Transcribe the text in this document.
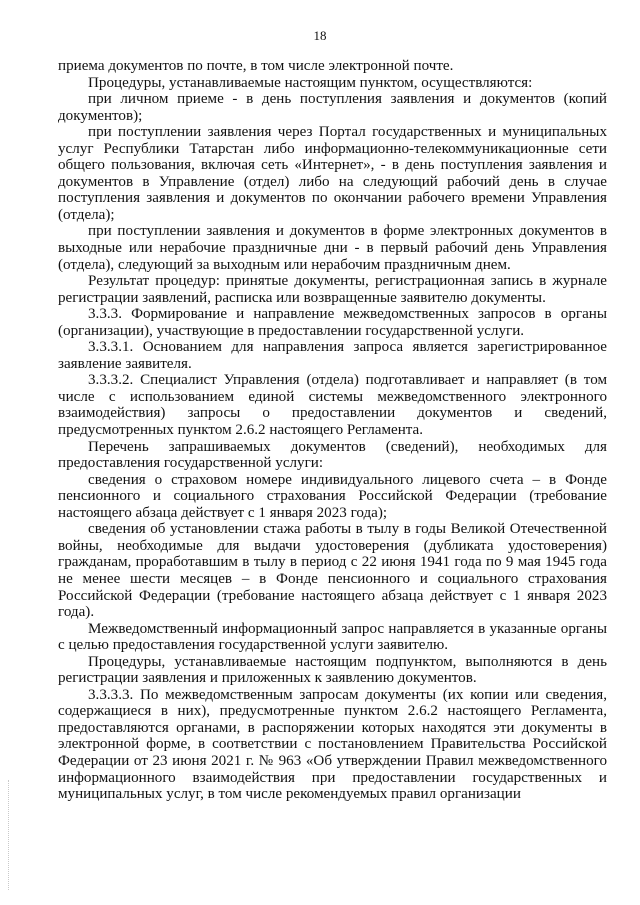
18

приема документов по почте, в том числе электронной почте.

Процедуры, устанавливаемые настоящим пунктом, осуществляются:

при личном приеме - в день поступления заявления и документов (копий документов);

при поступлении заявления через Портал государственных и муниципальных услуг Республики Татарстан либо информационно-телекоммуникационные сети общего пользования, включая сеть «Интернет», - в день поступления заявления и документов в Управление (отдел) либо на следующий рабочий день в случае поступления заявления и документов по окончании рабочего времени Управления (отдела);

при поступлении заявления и документов в форме электронных документов в выходные или нерабочие праздничные дни - в первый рабочий день Управления (отдела), следующий за выходным или нерабочим праздничным днем.

Результат процедур: принятые документы, регистрационная запись в журнале регистрации заявлений, расписка или возвращенные заявителю документы.

3.3.3. Формирование и направление межведомственных запросов в органы (организации), участвующие в предоставлении государственной услуги.

3.3.3.1. Основанием для направления запроса является зарегистрированное заявление заявителя.

3.3.3.2. Специалист Управления (отдела) подготавливает и направляет (в том числе с использованием единой системы межведомственного электронного взаимодействия) запросы о предоставлении документов и сведений, предусмотренных пунктом 2.6.2 настоящего Регламента.

Перечень запрашиваемых документов (сведений), необходимых для предоставления государственной услуги:

сведения о страховом номере индивидуального лицевого счета – в Фонде пенсионного и социального страхования Российской Федерации (требование настоящего абзаца действует с 1 января 2023 года);

сведения об установлении стажа работы в тылу в годы Великой Отечественной войны, необходимые для выдачи удостоверения (дубликата удостоверения) гражданам, проработавшим в тылу в период с 22 июня 1941 года по 9 мая 1945 года не менее шести месяцев – в Фонде пенсионного и социального страхования Российской Федерации (требование настоящего абзаца действует с 1 января 2023 года).

Межведомственный информационный запрос направляется в указанные органы с целью предоставления государственной услуги заявителю.

Процедуры, устанавливаемые настоящим подпунктом, выполняются в день регистрации заявления и приложенных к заявлению документов.

3.3.3.3. По межведомственным запросам документы (их копии или сведения, содержащиеся в них), предусмотренные пунктом 2.6.2 настоящего Регламента, предоставляются органами, в распоряжении которых находятся эти документы в электронной форме, в соответствии с постановлением Правительства Российской Федерации от 23 июня 2021 г. № 963 «Об утверждении Правил межведомственного информационного взаимодействия при предоставлении государственных и муниципальных услуг, в том числе рекомендуемых правил организации
